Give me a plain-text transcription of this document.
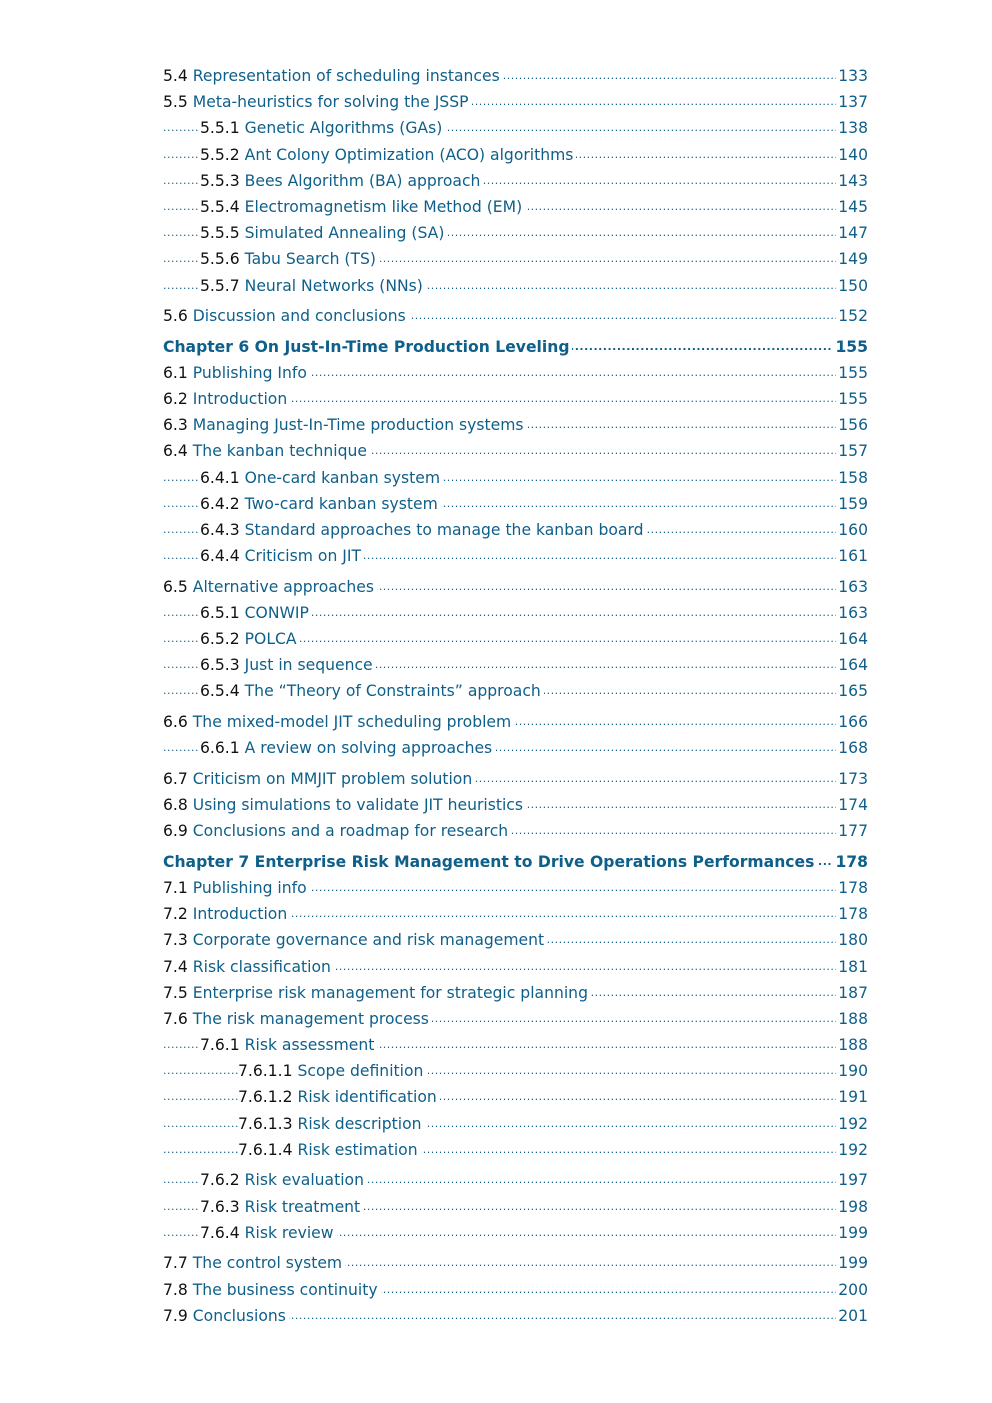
.....
5.4 Representation of scheduling instances	133
.....
5.5 Meta-heuristics for solving the JSSP	137
.....
5.5.1 Genetic Algorithms (GAs)	138
.....
5.5.2 Ant Colony Optimization (ACO) algorithms	140
.....
5.5.3 Bees Algorithm (BA) approach	143
.....
5.5.4 Electromagnetism like Method (EM)	145
.....
5.5.5 Simulated Annealing (SA)	147
.....
5.5.6 Tabu Search (TS)	149
.....
5.5.7 Neural Networks (NNs)	150
.....
5.6 Discussion and conclusions	152
.....
Chapter 6 On Just-In-Time Production Leveling	155
.....
6.1 Publishing Info	155
.....
6.2 Introduction	155
.....
6.3 Managing Just-In-Time production systems	156
.....
6.4 The kanban technique	157
.....
6.4.1 One-card kanban system	158
.....
6.4.2 Two-card kanban system	159
.....
6.4.3 Standard approaches to manage the kanban board	160
.....
6.4.4 Criticism on JIT	161
.....
6.5 Alternative approaches	163
.....
6.5.1 CONWIP	163
.....
6.5.2 POLCA	164
.....
6.5.3 Just in sequence	164
.....
6.5.4 The “Theory of Constraints” approach	165
.....
6.6 The mixed-model JIT scheduling problem	166
.....
6.6.1 A review on solving approaches	168
.....
6.7 Criticism on MMJIT problem solution	173
.....
6.8 Using simulations to validate JIT heuristics	174
.....
6.9 Conclusions and a roadmap for research	177
.....
Chapter 7 Enterprise Risk Management to Drive Operations Performances 178
.....
7.1 Publishing info	178
.....
7.2 Introduction	178
.....
7.3 Corporate governance and risk management	180
.....
7.4 Risk classification	181
.....
7.5 Enterprise risk management for strategic planning	187
.....
7.6 The risk management process	188
.....
7.6.1 Risk assessment	188
.....
7.6.1.1 Scope definition	190
.....
7.6.1.2 Risk identification	191
.....
7.6.1.3 Risk description	192
.....
7.6.1.4 Risk estimation	192
.....
7.6.2 Risk evaluation	197
.....
7.6.3 Risk treatment	198
.....
7.6.4 Risk review	199
.....
7.7 The control system	199
.....
7.8 The business continuity	200
.....
7.9 Conclusions	201
